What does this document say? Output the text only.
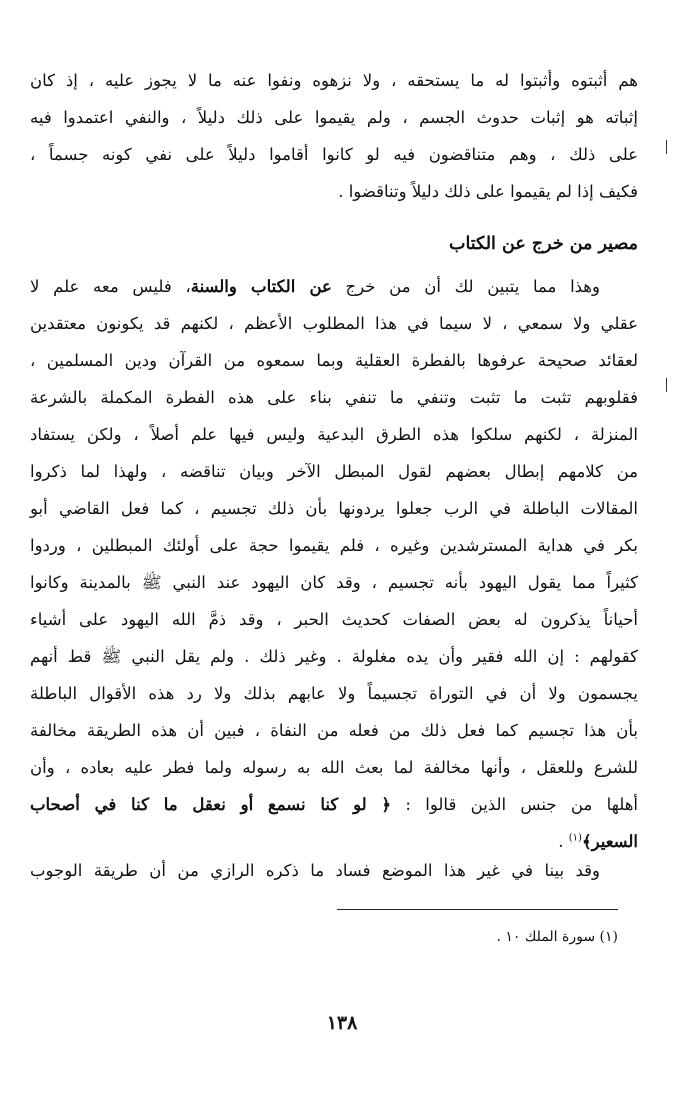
هم أثبتوه وأثبتوا له ما يستحقه ، ولا نزهوه ونفوا عنه ما لا يجوز عليه ، إذ كان
إثباته هو إثبات حدوث الجسم ، ولم يقيموا على ذلك دليلاً ، والنفي اعتمدوا فيه
على ذلك ، وهم متناقضون فيه لو كانوا أقاموا دليلاً على نفي كونه جسماً ،
فكيف إذا لم يقيموا على ذلك دليلاً وتناقضوا .
مصير من خرج عن الكتاب
وهذا مما يتبين لك أن من خرج عن الكتاب والسنة، فليس معه علم لا
عقلي ولا سمعي ، لا سيما في هذا المطلوب الأعظم ، لكنهم قد يكونون معتقدين
لعقائد صحيحة عرفوها بالفطرة العقلية وبما سمعوه من القرآن ودين المسلمين ،
فقلوبهم تثبت ما تثبت وتنفي ما تنفي بناء على هذه الفطرة المكملة بالشرعة
المنزلة ، لكنهم سلكوا هذه الطرق البدعية وليس فيها علم أصلاً ، ولكن يستفاد
من كلامهم إبطال بعضهم لقول المبطل الآخر وبيان تناقضه ، ولهذا لما ذكروا
المقالات الباطلة في الرب جعلوا يردونها بأن ذلك تجسيم ، كما فعل القاضي أبو
بكر في هداية المسترشدين وغيره ، فلم يقيموا حجة على أولئك المبطلين ، وردوا
كثيراً مما يقول اليهود بأنه تجسيم ، وقد كان اليهود عند النبي ﷺ بالمدينة وكانوا
أحياناً يذكرون له بعض الصفات كحديث الحبر ، وقد ذمَّ الله اليهود على أشياء
كقولهم : إن الله فقير وأن يده مغلولة . وغير ذلك . ولم يقل النبي ﷺ قط أنهم
يجسمون ولا أن في التوراة تجسيماً ولا عابهم بذلك ولا رد هذه الأقوال الباطلة
بأن هذا تجسيم كما فعل ذلك من فعله من النفاة ، فبين أن هذه الطريقة مخالفة
للشرع وللعقل ، وأنها مخالفة لما بعث الله به رسوله ولما فطر عليه بعاده ، وأن
أهلها من جنس الذين قالوا : ﴿ لو كنا نسمع أو نعقل ما كنا في أصحاب
السعير﴾$^{(١)}$ .
وقد بينا في غير هذا الموضع فساد ما ذكره الرازي من أن طريقة الوجوب
(١) سورة الملك ١٠ .
١٣٨
